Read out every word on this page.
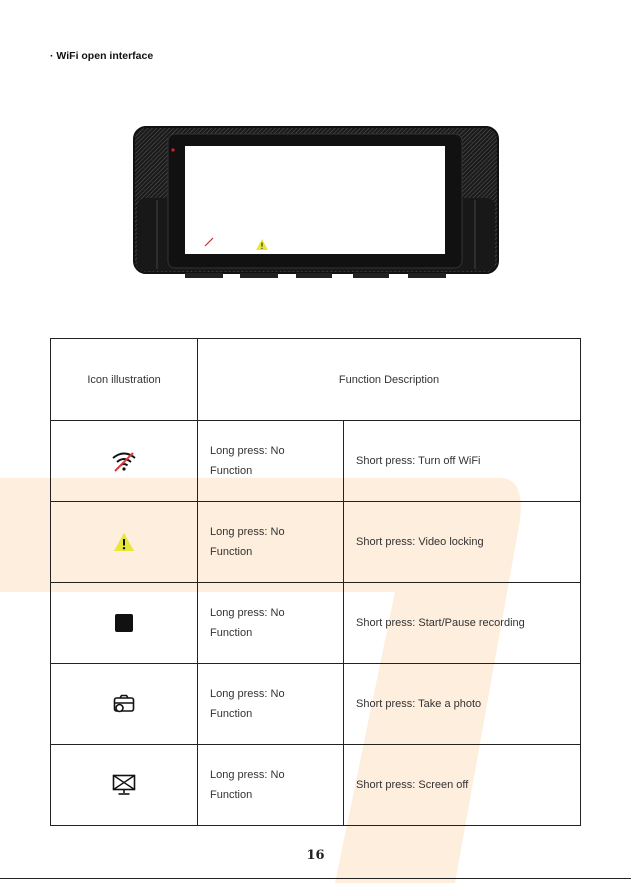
· WiFi open interface
Icon illustration	Function Description	

Long press: No Function	Short press: Turn off WiFi

Long press: No Function	Short press: Video locking

Long press: No Function	Short press: Start/Pause recording

Long press: No Function	Short press: Take a photo

Long press: No Function	Short press: Screen off
16
